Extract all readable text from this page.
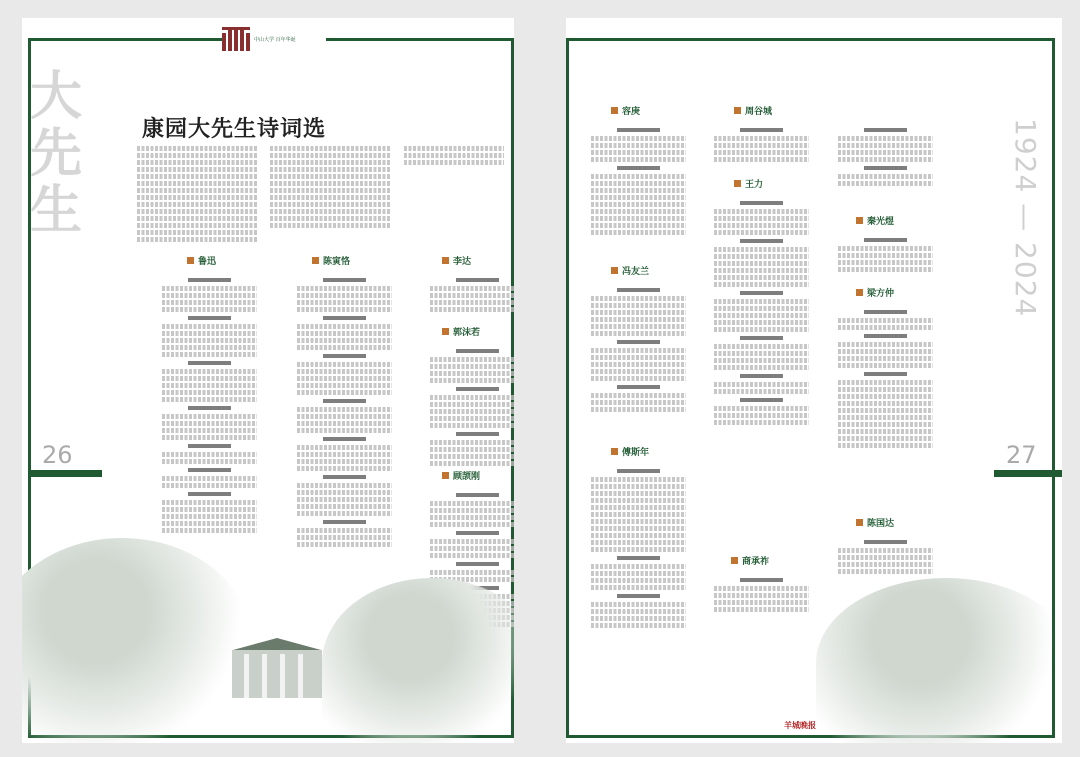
中山大学 百年华诞
大先生
康园大先生诗词选
鲁迅	陈寅恪	李达
郭沫若
顾颉刚
26
1924 — 2024
容庚	周谷城
王力
冯友兰
傅斯年
商承祚
秦光煜
梁方仲
陈国达
27
羊城晚报
